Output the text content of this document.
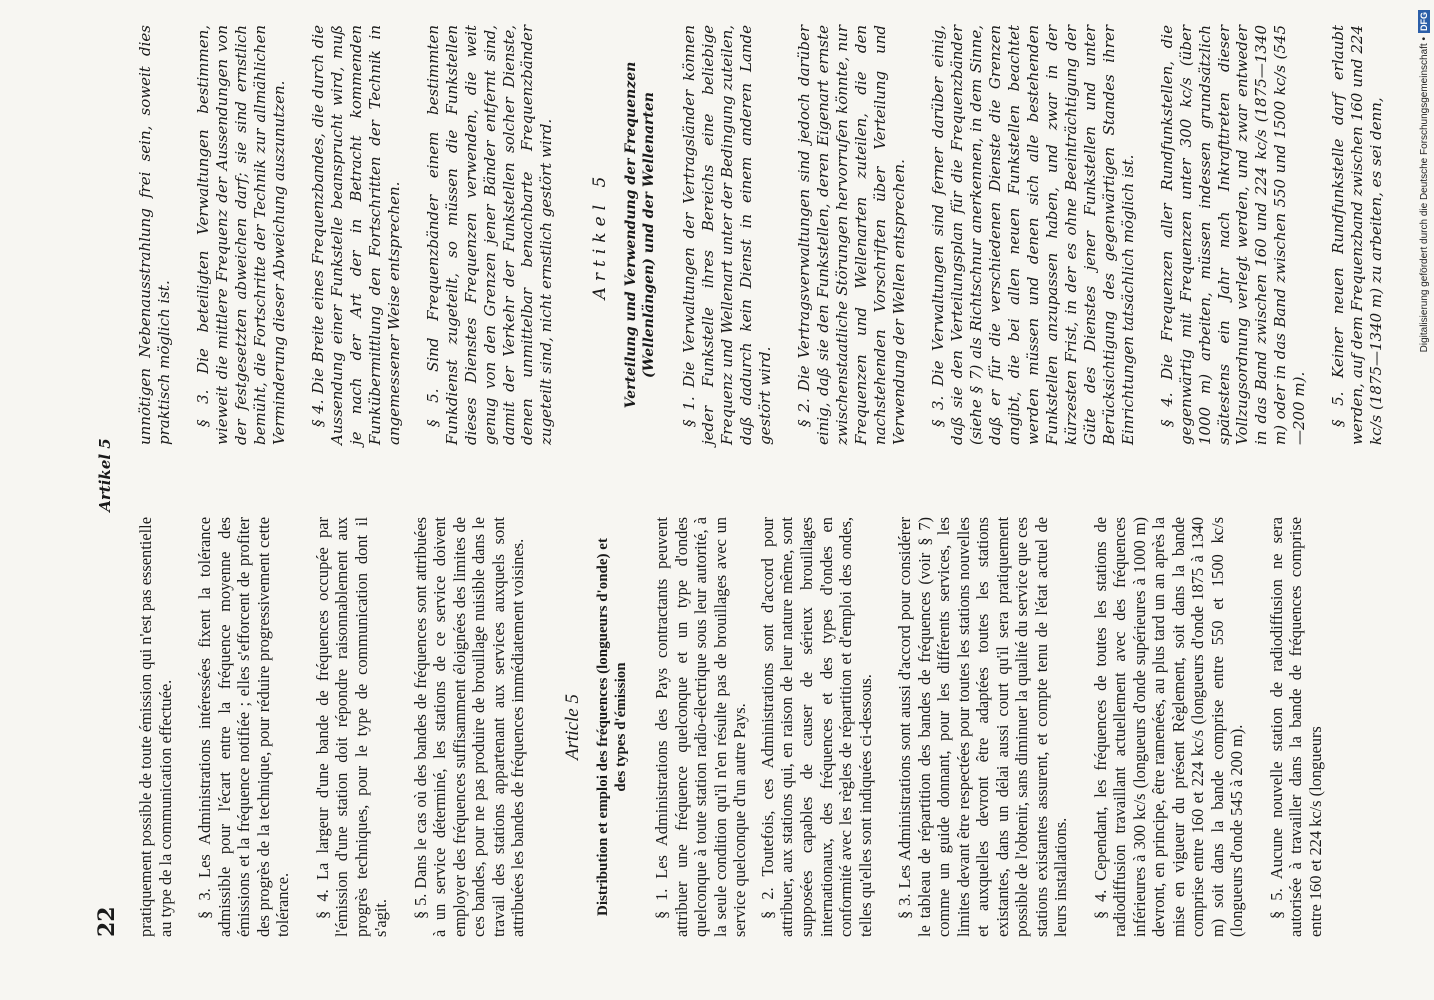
22
Artikel 5

pratiquement possible de toute émission qui n'est pas essentielle au type de la communication effectuée. § 3. Les Administrations intéressées fixent la tolérance admissible pour l'écart entre la fréquence moyenne des émissions et la fréquence notifiée ; elles s'efforcent de profiter des progrès de la technique, pour réduire progressivement cette tolérance. § 4. La largeur d'une bande de fréquences occupée par l'émission d'une station doit répondre raisonnablement aux progrès techniques, pour le type de communication dont il s'agit. § 5. Dans le cas où des bandes de fréquences sont attribuées à un service déterminé, les stations de ce service doivent employer des fréquences suffisamment éloignées des limites de ces bandes, pour ne pas produire de brouillage nuisible dans le travail des stations appartenant aux services auxquels sont attribuées les bandes de fréquences immédiatement voisines. Article 5 Distribution et emploi des fréquences (longueurs d'onde) et des types d'émission § 1. Les Administrations des Pays contractants peuvent attribuer une fréquence quelconque et un type d'ondes quelconque à toute station radio-électrique sous leur autorité, à la seule condition qu'il n'en résulte pas de brouillages avec un service quelconque d'un autre Pays. § 2. Toutefois, ces Administrations sont d'accord pour attribuer, aux stations qui, en raison de leur nature même, sont supposées capables de causer de sérieux brouillages internationaux, des fréquences et des types d'ondes en conformité avec les règles de répartition et d'emploi des ondes, telles qu'elles sont indiquées ci-dessous. § 3. Les Administrations sont aussi d'accord pour considérer le tableau de répartition des bandes de fréquences (voir § 7) comme un guide donnant, pour les différents services, les limites devant être respectées pour toutes les stations nouvelles et auxquelles devront être adaptées toutes les stations existantes, dans un délai aussi court qu'il sera pratiquement possible de l'obtenir, sans diminuer la qualité du service que ces stations existantes assurent, et compte tenu de l'état actuel de leurs installations. § 4. Cependant, les fréquences de toutes les stations de radiodiffusion travaillant actuellement avec des fréquences inférieures à 300 kc/s (longueurs d'onde supérieures à 1000 m) devront, en principe, être ramenées, au plus tard un an après la mise en vigueur du présent Règlement, soit dans la bande comprise entre 160 et 224 kc/s (longueurs d'onde 1875 à 1340 m) soit dans la bande comprise entre 550 et 1500 kc/s (longueurs d'onde 545 à 200 m). § 5. Aucune nouvelle station de radiodiffusion ne sera autorisée à travailler dans la bande de fréquences comprise entre 160 et 224 kc/s (longueurs

unnötigen Nebenausstrahlung frei sein, soweit dies praktisch möglich ist. § 3. Die beteiligten Verwaltungen bestimmen, wieweit die mittlere Frequenz der Aussendungen von der festgesetzten abweichen darf; sie sind ernstlich bemüht, die Fortschritte der Technik zur allmählichen Verminderung dieser Abweichung auszunutzen. § 4. Die Breite eines Frequenzbandes, die durch die Aussendung einer Funkstelle beansprucht wird, muß je nach der Art der in Betracht kommenden Funkübermittlung den Fortschritten der Technik in angemessener Weise entsprechen. § 5. Sind Frequenzbänder einem bestimmten Funkdienst zugeteilt, so müssen die Funkstellen dieses Dienstes Frequenzen verwenden, die weit genug von den Grenzen jener Bänder entfernt sind, damit der Verkehr der Funkstellen solcher Dienste, denen unmittelbar benachbarte Frequenzbänder zugeteilt sind, nicht ernstlich gestört wird. Artikel 5 Verteilung und Verwendung der Frequenzen (Wellenlängen) und der Wellenarten § 1. Die Verwaltungen der Vertragsländer können jeder Funkstelle ihres Bereichs eine beliebige Frequenz und Wellenart unter der Bedingung zuteilen, daß dadurch kein Dienst in einem anderen Lande gestört wird. § 2. Die Vertragsverwaltungen sind jedoch darüber einig, daß sie den Funkstellen, deren Eigenart ernste zwischenstaatliche Störungen hervorrufen könnte, nur Frequenzen und Wellenarten zuteilen, die den nachstehenden Vorschriften über Verteilung und Verwendung der Wellen entsprechen. § 3. Die Verwaltungen sind ferner darüber einig, daß sie den Verteilungsplan für die Frequenzbänder (siehe § 7) als Richtschnur anerkennen, in dem Sinne, daß er für die verschiedenen Dienste die Grenzen angibt, die bei allen neuen Funkstellen beachtet werden müssen und denen sich alle bestehenden Funkstellen anzupassen haben, und zwar in der kürzesten Frist, in der es ohne Beeinträchtigung der Güte des Dienstes jener Funkstellen und unter Berücksichtigung des gegenwärtigen Standes ihrer Einrichtungen tatsächlich möglich ist. § 4. Die Frequenzen aller Rundfunkstellen, die gegenwärtig mit Frequenzen unter 300 kc/s (über 1000 m) arbeiten, müssen indessen grundsätzlich spätestens ein Jahr nach Inkrafttreten dieser Vollzugsordnung verlegt werden, und zwar entweder in das Band zwischen 160 und 224 kc/s (1875—1340 m) oder in das Band zwischen 550 und 1500 kc/s (545—200 m). § 5. Keiner neuen Rundfunkstelle darf erlaubt werden, auf dem Frequenzband zwischen 160 und 224 kc/s (1875—1340 m) zu arbeiten, es sei denn,	Digitalisierung gefördert durch die Deutsche Forschungsgemeinschaft •DFG
